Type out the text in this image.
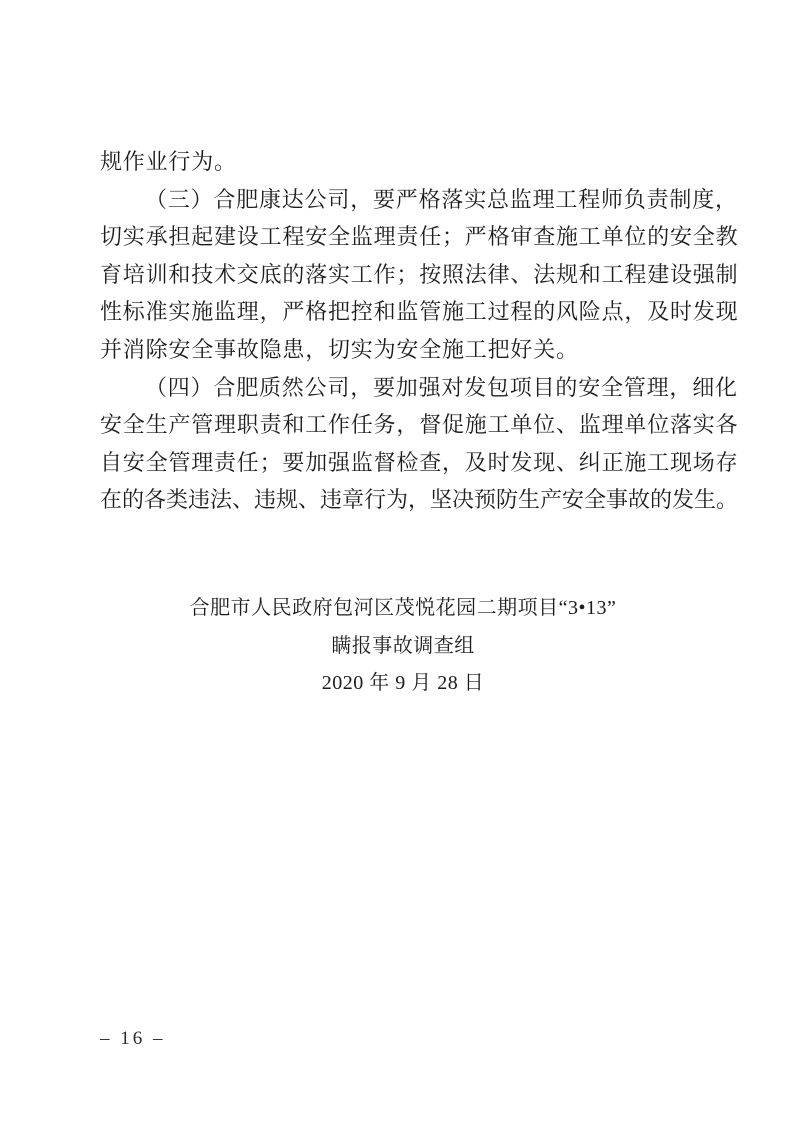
规作业行为。
（三）合肥康达公司，要严格落实总监理工程师负责制度，
切实承担起建设工程安全监理责任；严格审查施工单位的安全教
育培训和技术交底的落实工作；按照法律、法规和工程建设强制
性标准实施监理，严格把控和监管施工过程的风险点，及时发现
并消除安全事故隐患，切实为安全施工把好关。
（四）合肥质然公司，要加强对发包项目的安全管理，细化
安全生产管理职责和工作任务，督促施工单位、监理单位落实各
自安全管理责任；要加强监督检查，及时发现、纠正施工现场存
在的各类违法、违规、违章行为，坚决预防生产安全事故的发生。
合肥市人民政府包河区茂悦花园二期项目“3•13”
瞒报事故调查组
2020 年 9 月 28 日
– 16 –
